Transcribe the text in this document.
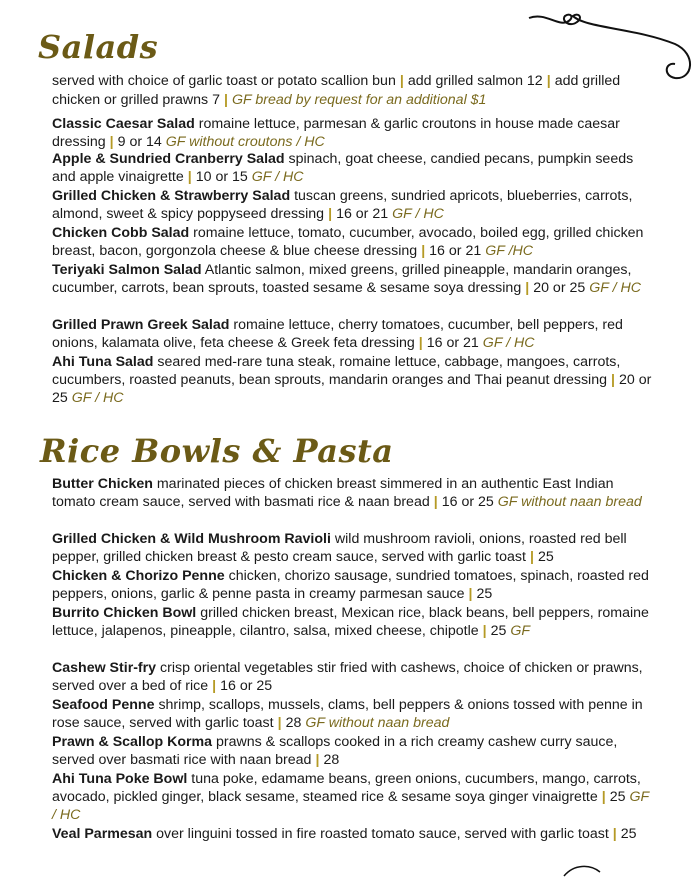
Salads

served with choice of garlic toast or potato scallion bun | add grilled salmon 12 | add grilled chicken or grilled prawns 7 | GF bread by request for an additional $1

Classic Caesar Salad romaine lettuce, parmesan & garlic croutons in house made caesar dressing | 9 or 14 GF without croutons / HC

Apple & Sundried Cranberry Salad spinach, goat cheese, candied pecans, pumpkin seeds and apple vinaigrette | 10 or 15 GF / HC

Grilled Chicken & Strawberry Salad tuscan greens, sundried apricots, blueberries, carrots, almond, sweet & spicy poppyseed dressing | 16 or 21 GF / HC

Chicken Cobb Salad romaine lettuce, tomato, cucumber, avocado, boiled egg, grilled chicken breast, bacon, gorgonzola cheese & blue cheese dressing | 16 or 21 GF /HC

Teriyaki Salmon Salad Atlantic salmon, mixed greens, grilled pineapple, mandarin oranges, cucumber, carrots, bean sprouts, toasted sesame & sesame soya dressing | 20 or 25 GF / HC

Grilled Prawn Greek Salad romaine lettuce, cherry tomatoes, cucumber, bell peppers, red onions, kalamata olive, feta cheese & Greek feta dressing | 16 or 21 GF / HC

Ahi Tuna Salad seared med-rare tuna steak, romaine lettuce, cabbage, mangoes, carrots, cucumbers, roasted peanuts, bean sprouts, mandarin oranges and Thai peanut dressing | 20 or 25 GF / HC

Rice Bowls & Pasta

Butter Chicken marinated pieces of chicken breast simmered in an authentic East Indian tomato cream sauce, served with basmati rice & naan bread | 16 or 25 GF without naan bread

Grilled Chicken & Wild Mushroom Ravioli wild mushroom ravioli, onions, roasted red bell pepper, grilled chicken breast & pesto cream sauce, served with garlic toast | 25

Chicken & Chorizo Penne chicken, chorizo sausage, sundried tomatoes, spinach, roasted red peppers, onions, garlic & penne pasta in creamy parmesan sauce | 25

Burrito Chicken Bowl grilled chicken breast, Mexican rice, black beans, bell peppers, romaine lettuce, jalapenos, pineapple, cilantro, salsa, mixed cheese, chipotle | 25 GF

Cashew Stir-fry crisp oriental vegetables stir fried with cashews, choice of chicken or prawns, served over a bed of rice | 16 or 25

Seafood Penne shrimp, scallops, mussels, clams, bell peppers & onions tossed with penne in rose sauce, served with garlic toast | 28 GF without naan bread

Prawn & Scallop Korma prawns & scallops cooked in a rich creamy cashew curry sauce, served over basmati rice with naan bread | 28

Ahi Tuna Poke Bowl tuna poke, edamame beans, green onions, cucumbers, mango, carrots, avocado, pickled ginger, black sesame, steamed rice & sesame soya ginger vinaigrette | 25 GF / HC

Veal Parmesan over linguini tossed in fire roasted tomato sauce, served with garlic toast | 25
